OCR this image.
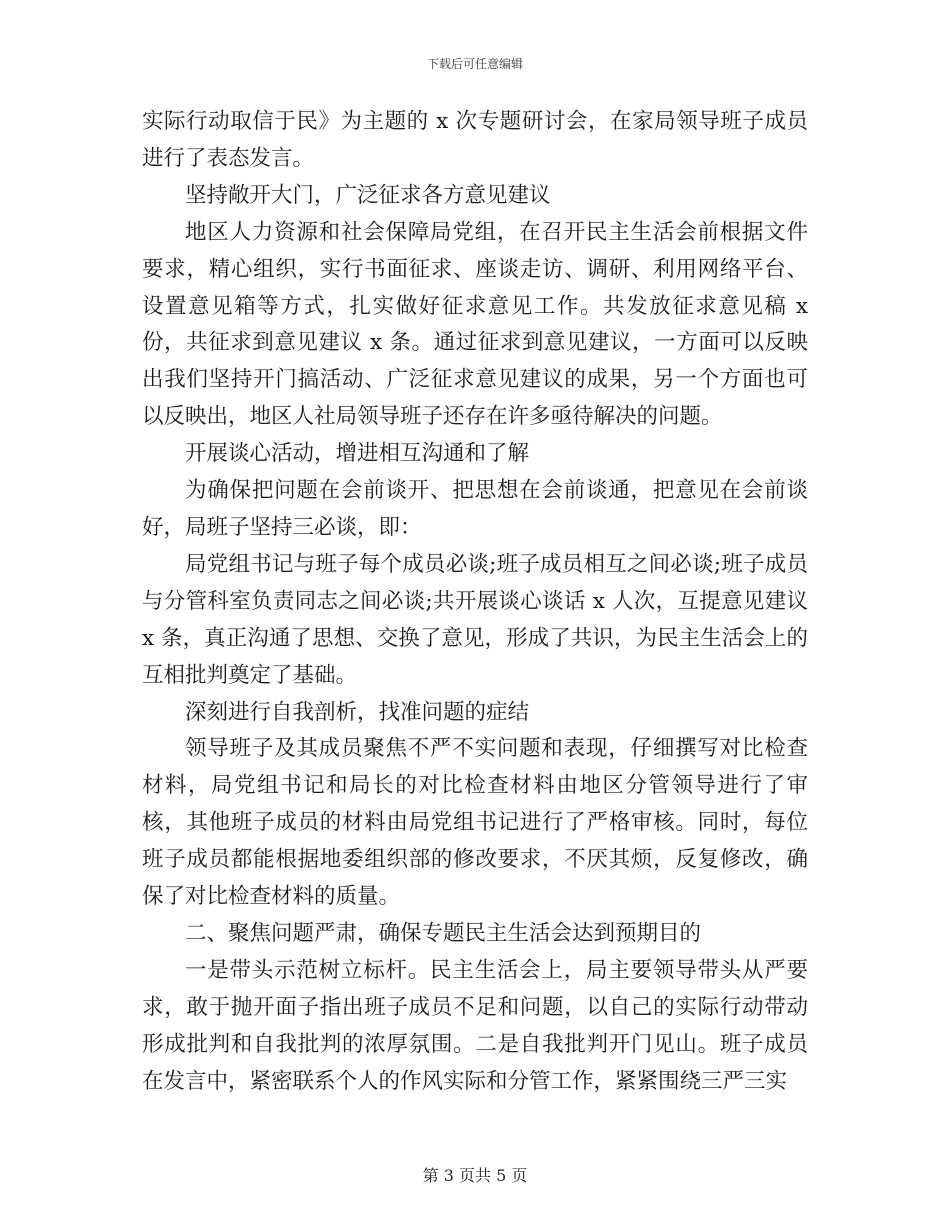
下载后可任意编辑

实际行动取信于民》为主题的 x 次专题研讨会，在家局领导班子成员进行了表态发言。

坚持敞开大门，广泛征求各方意见建议

地区人力资源和社会保障局党组，在召开民主生活会前根据文件要求，精心组织，实行书面征求、座谈走访、调研、利用网络平台、设置意见箱等方式，扎实做好征求意见工作。共发放征求意见稿 x 份，共征求到意见建议 x 条。通过征求到意见建议，一方面可以反映出我们坚持开门搞活动、广泛征求意见建议的成果，另一个方面也可以反映出，地区人社局领导班子还存在许多亟待解决的问题。

开展谈心活动，增进相互沟通和了解

为确保把问题在会前谈开、把思想在会前谈通，把意见在会前谈好，局班子坚持三必谈，即：

局党组书记与班子每个成员必谈;班子成员相互之间必谈;班子成员与分管科室负责同志之间必谈;共开展谈心谈话 x 人次，互提意见建议 x 条，真正沟通了思想、交换了意见，形成了共识，为民主生活会上的互相批判奠定了基础。

深刻进行自我剖析，找准问题的症结

领导班子及其成员聚焦不严不实问题和表现，仔细撰写对比检查材料，局党组书记和局长的对比检查材料由地区分管领导进行了审核，其他班子成员的材料由局党组书记进行了严格审核。同时，每位班子成员都能根据地委组织部的修改要求，不厌其烦，反复修改，确保了对比检查材料的质量。

二、聚焦问题严肃，确保专题民主生活会达到预期目的

一是带头示范树立标杆。民主生活会上，局主要领导带头从严要求，敢于抛开面子指出班子成员不足和问题，以自己的实际行动带动形成批判和自我批判的浓厚氛围。二是自我批判开门见山。班子成员在发言中，紧密联系个人的作风实际和分管工作，紧紧围绕三严三实

第 3 页共 5 页
